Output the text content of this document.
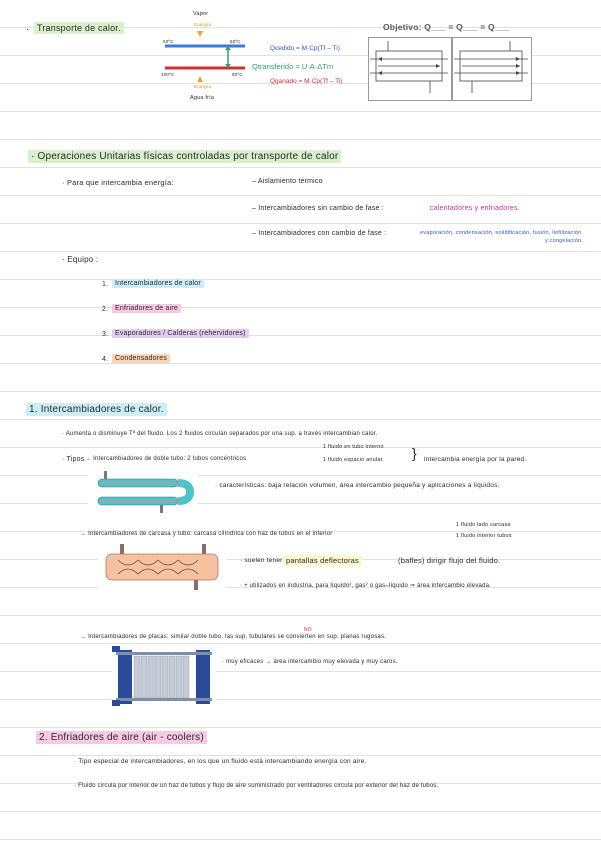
· Transporte de calor.
Vapor
Energía
50ºC	50ºC
100ºC	80ºC
Energía
Agua fría
Qcedido = M·Cp(Tf – Ti)
Qtransferido = U·A·ΔTm
Qganado = M·Cp(Tf – Ti)
Objetivo: Q___ = Q___ = Q___
· Operaciones Unitarias físicas controladas por transporte de calor
· Para que intercambia energía:	– Aislamiento térmico
– Intercambiadores sin cambio de fase :	calentadores y enfriadores.
– Intercambiadores con cambio de fase :	evaporación, condensación, solidificación, fusión, liofilización
y congelación.
· Equipo :
1. Intercambiadores de calor
2. Enfriadores de aire
3. Evaporadores / Calderas (rehervidores)
4. Condensadores
1. Intercambiadores de calor.
· Aumenta o disminuye Tª del fluido. Los 2 fluidos circulan separados por una sup. a través intercambian calor.
· Tipos → Intercambiadores de doble tubo: 2 tubos concéntricos
1 fluido en tubo interno
1 fluido espacio anular } intercambia energía por la pared.
· características: baja relación volumen, área intercambio pequeña y aplicaciones a líquidos.
→ Intercambiadores de carcasa y tubo: carcasa cilíndrica con haz de tubos en el interior
1 fluido lado carcasa
1 fluido interior tubos
· suelen tener pantallas deflectoras	(bafles) dirigir flujo del fluido.
· + utilizados en industria, para líquido², gas² o gas–líquido ⇒ área intercambio elevada.
→ Intercambiadores de placas: similar doble tubo, las sup. tubulares se convierten en sup. planas rugosas.
NO
· muy eficaces → área intercambio muy elevada y muy caros.
2. Enfriadores de aire (air - coolers)
· Tipo especial de intercambiadores, en los que un fluido está intercambiando energía con aire.
· Fluido circula por interior de un haz de tubos y flujo de aire suministrado por ventiladores circula por exterior del haz de tubos.
